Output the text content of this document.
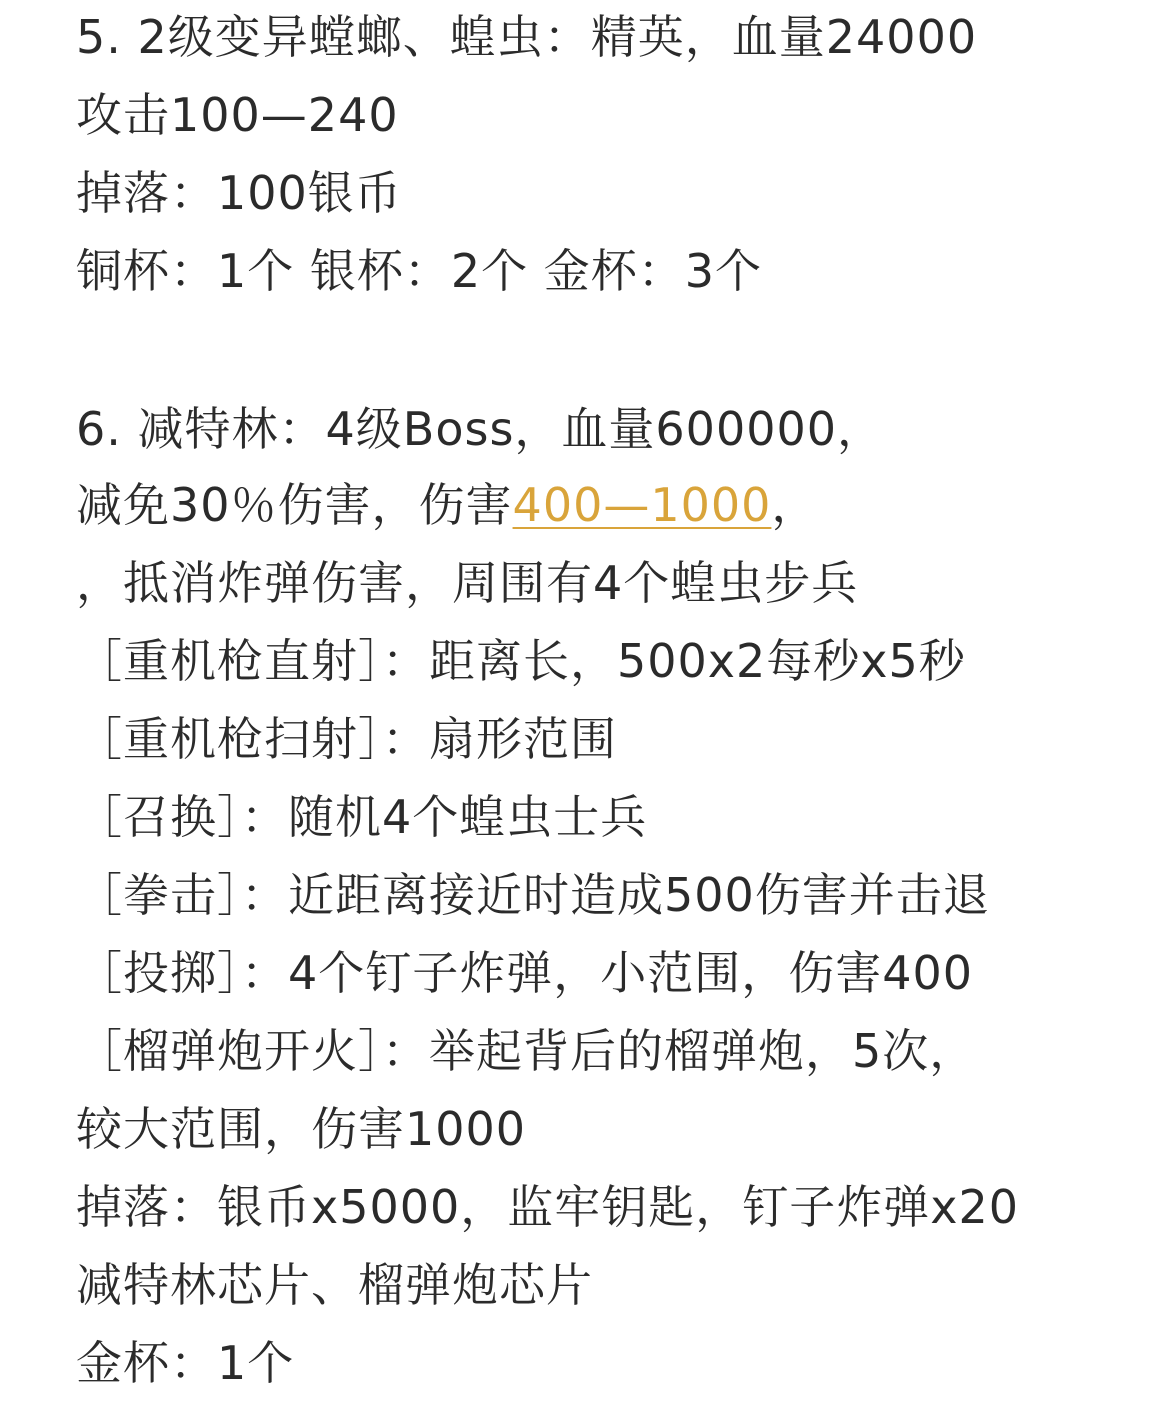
5. 2级变异螳螂、蝗虫：精英，血量24000
攻击100—240
掉落：100银币
铜杯：1个 银杯：2个 金杯：3个
6. 减特林：4级Boss，血量600000，
减免30％伤害，伤害400—1000，
，抵消炸弹伤害，周围有4个蝗虫步兵
［重机枪直射］：距离长，500x2每秒x5秒
［重机枪扫射］：扇形范围
［召换］：随机4个蝗虫士兵
［拳击］：近距离接近时造成500伤害并击退
［投掷］：4个钉子炸弹，小范围，伤害400
［榴弹炮开火］：举起背后的榴弹炮，5次，
较大范围，伤害1000
掉落：银币x5000，监牢钥匙，钉子炸弹x20
减特林芯片、榴弹炮芯片
金杯：1个
